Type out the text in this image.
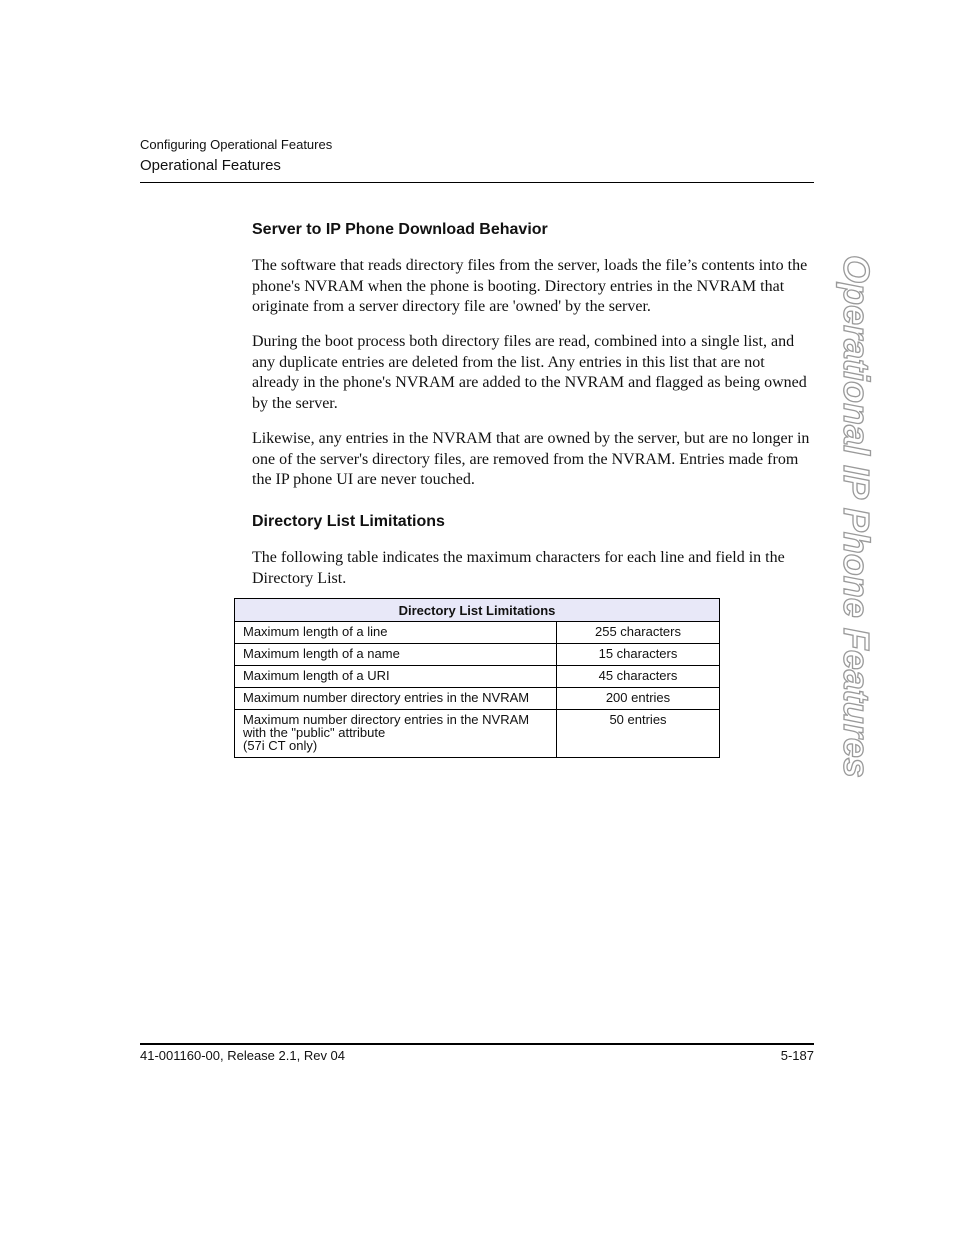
Configuring Operational Features
Operational Features
Operational IP Phone Features
Server to IP Phone Download Behavior

The software that reads directory files from the server, loads the file’s contents into the phone's NVRAM when the phone is booting. Directory entries in the NVRAM that originate from a server directory file are 'owned' by the server.

During the boot process both directory files are read, combined into a single list, and any duplicate entries are deleted from the list. Any entries in this list that are not already in the phone's NVRAM are added to the NVRAM and flagged as being owned by the server.

Likewise, any entries in the NVRAM that are owned by the server, but are no longer in one of the server's directory files, are removed from the NVRAM. Entries made from the IP phone UI are never touched.

Directory List Limitations

The following table indicates the maximum characters for each line and field in the Directory List.

Directory List Limitations	
Maximum length of a line	255 characters
Maximum length of a name	15 characters
Maximum length of a URI	45 characters
Maximum number directory entries in the NVRAM	200 entries

Maximum number directory entries in the NVRAM
with the "public" attribute
(57i CT only)	50 entries
41-001160-00, Release 2.1, Rev 04	5-187
